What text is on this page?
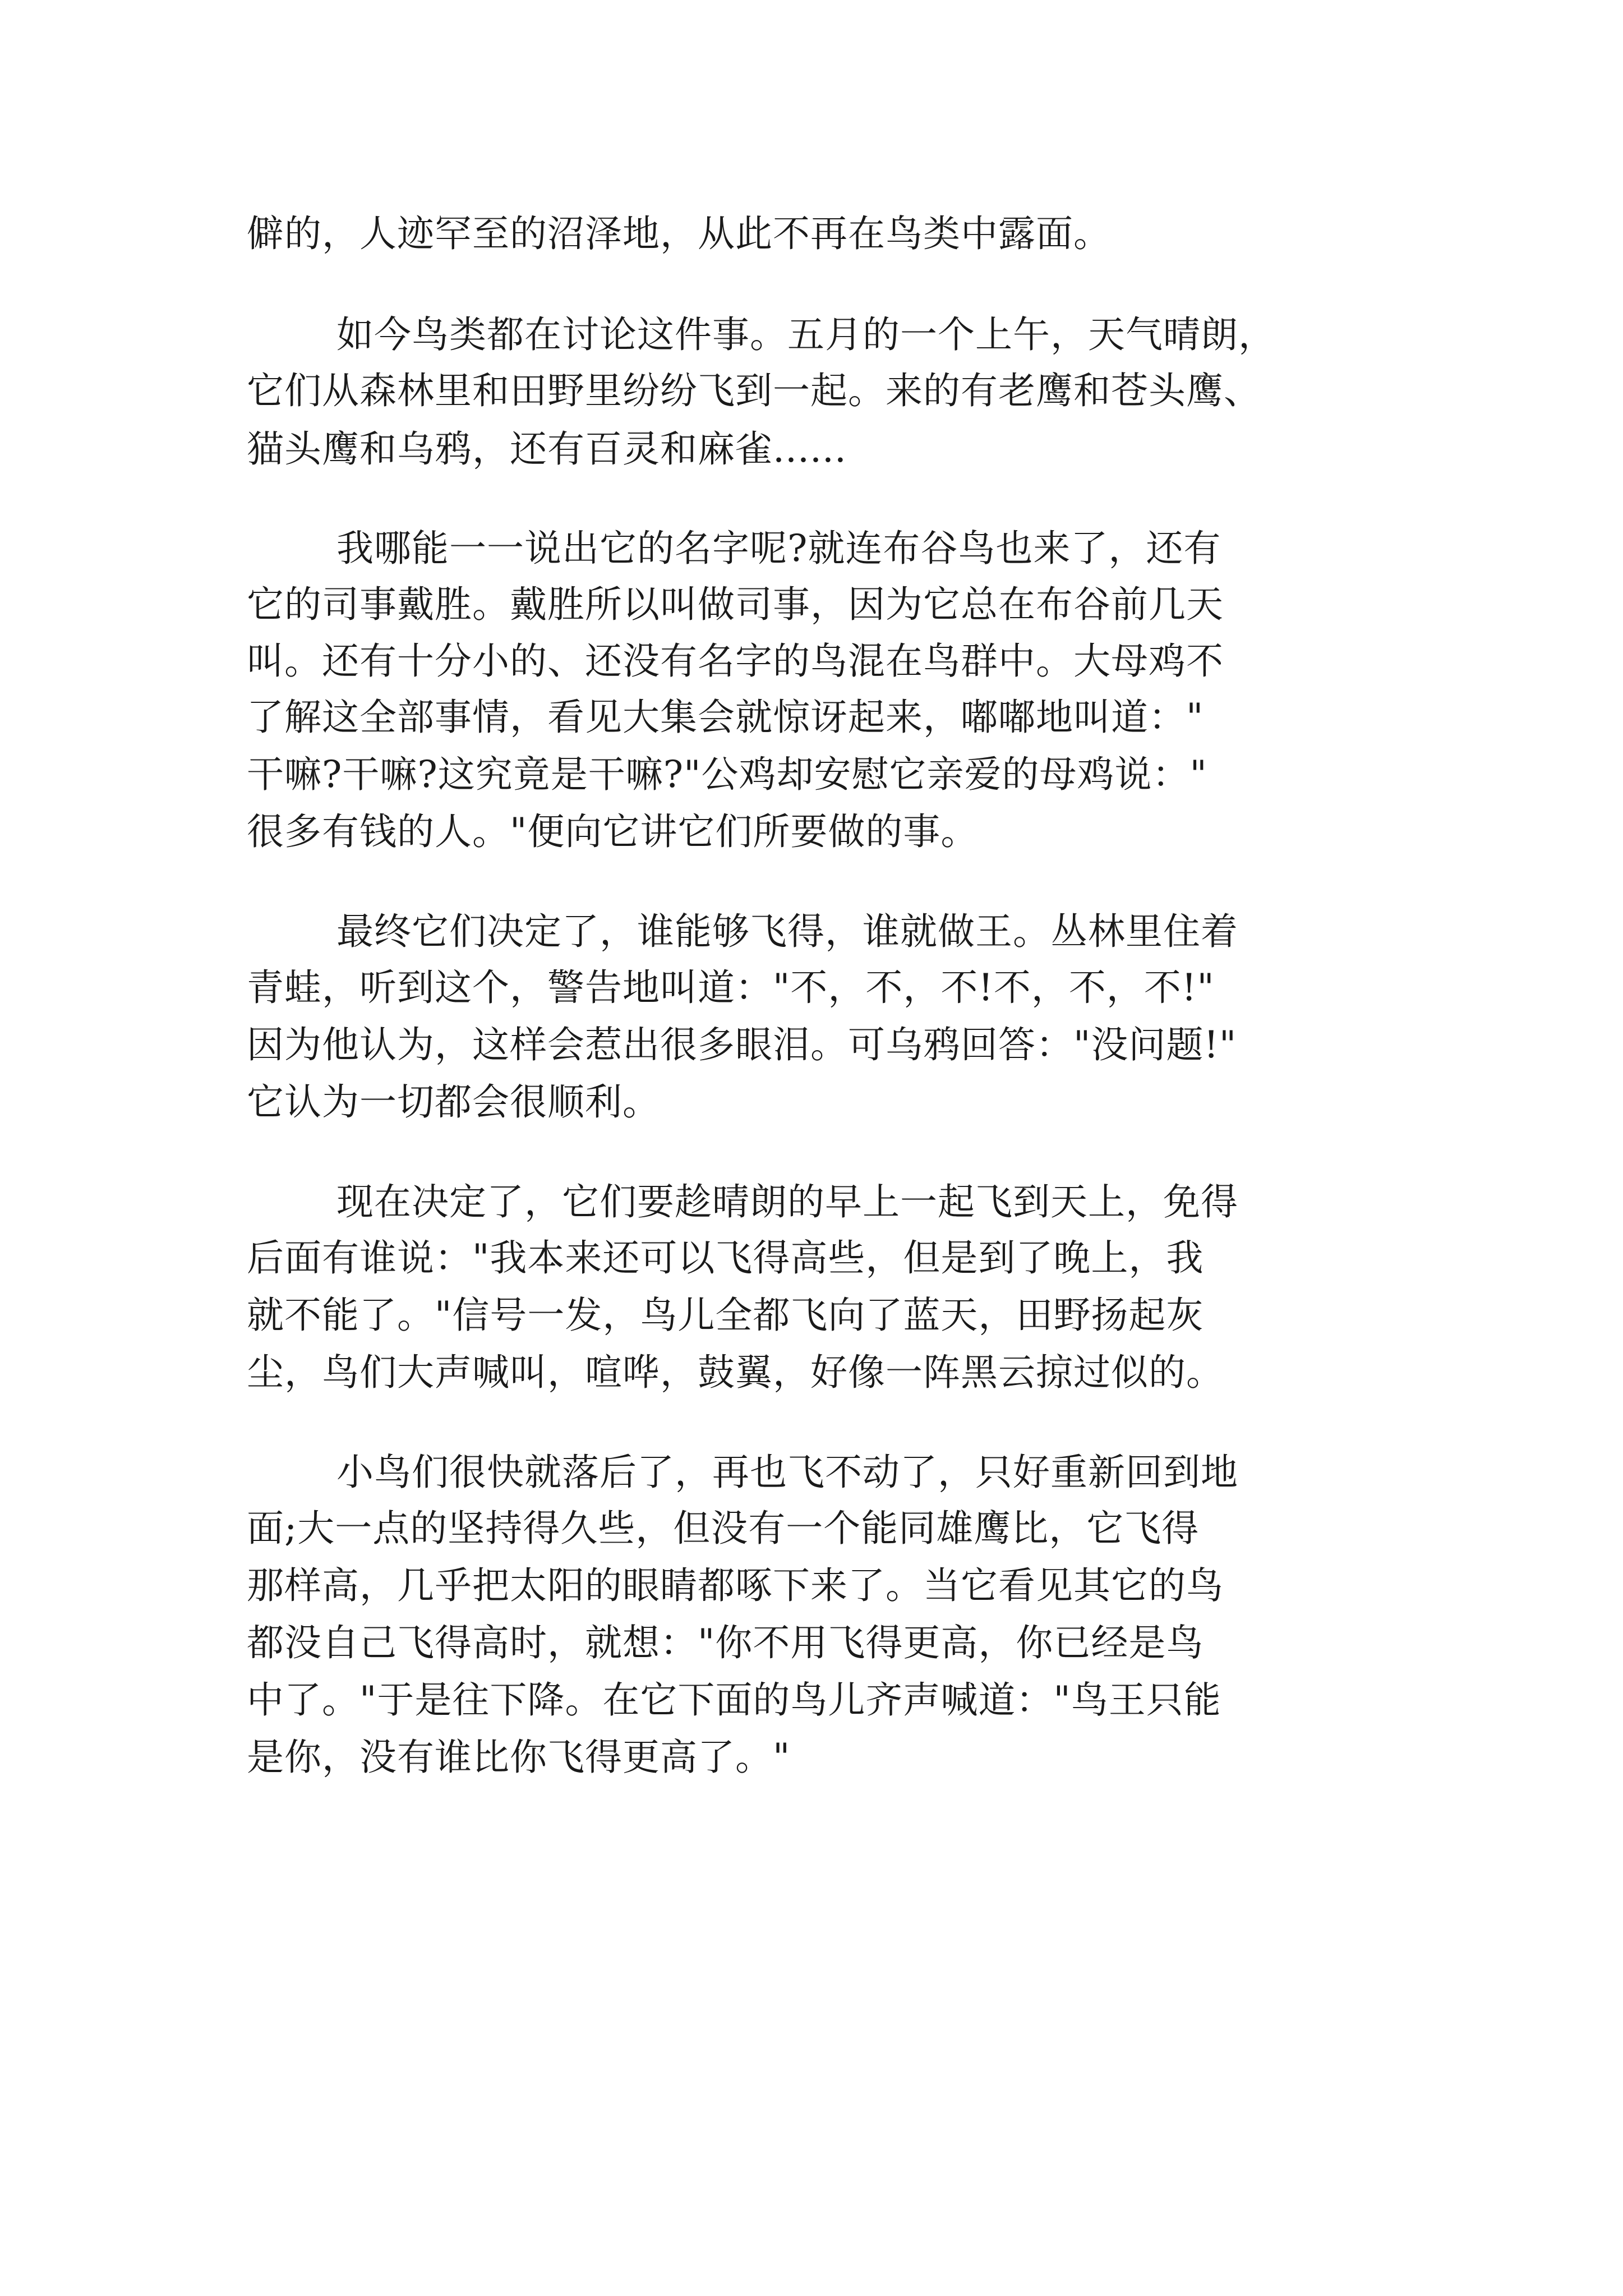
僻的，人迹罕至的沼泽地，从此不再在鸟类中露面。

如今鸟类都在讨论这件事。五月的一个上午，天气晴朗，

它们从森林里和田野里纷纷飞到一起。来的有老鹰和苍头鹰、

猫头鹰和乌鸦，还有百灵和麻雀......

我哪能一一说出它的名字呢?就连布谷鸟也来了，还有

它的司事戴胜。戴胜所以叫做司事，因为它总在布谷前几天

叫。还有十分小的、还没有名字的鸟混在鸟群中。大母鸡不

了解这全部事情，看见大集会就惊讶起来，嘟嘟地叫道："

干嘛?干嘛?这究竟是干嘛?"公鸡却安慰它亲爱的母鸡说："

很多有钱的人。"便向它讲它们所要做的事。

最终它们决定了，谁能够飞得，谁就做王。丛林里住着

青蛙，听到这个，警告地叫道："不，不，不!不，不，不!"

因为他认为，这样会惹出很多眼泪。可乌鸦回答："没问题!"

它认为一切都会很顺利。

现在决定了，它们要趁晴朗的早上一起飞到天上，免得

后面有谁说："我本来还可以飞得高些，但是到了晚上，我

就不能了。"信号一发，鸟儿全都飞向了蓝天，田野扬起灰

尘，鸟们大声喊叫，喧哗，鼓翼，好像一阵黑云掠过似的。

小鸟们很快就落后了，再也飞不动了，只好重新回到地

面;大一点的坚持得久些，但没有一个能同雄鹰比，它飞得

那样高，几乎把太阳的眼睛都啄下来了。当它看见其它的鸟

都没自己飞得高时，就想："你不用飞得更高，你已经是鸟

中了。"于是往下降。在它下面的鸟儿齐声喊道："鸟王只能

是你，没有谁比你飞得更高了。"
